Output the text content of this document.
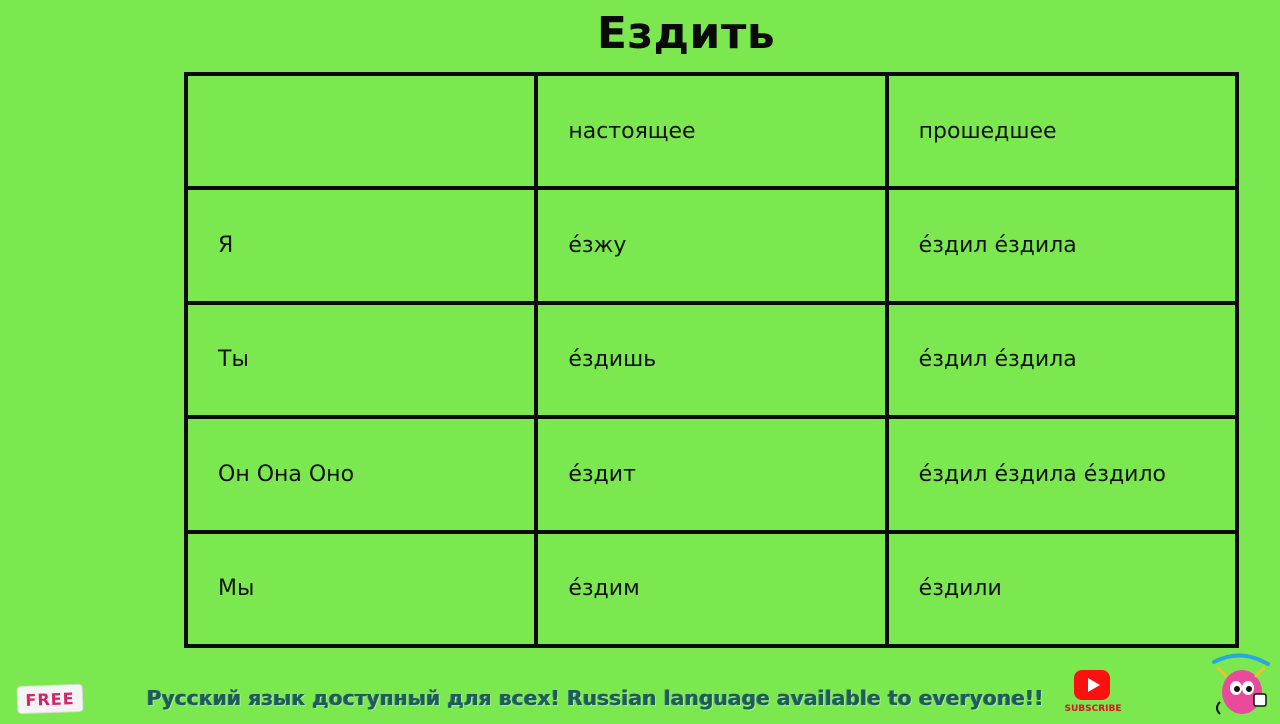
Ездить
	настоящее	прошедшее
Я	е́зжу	е́здил е́здила
Ты	е́здишь	е́здил е́здила
Он Она Оно	е́здит	е́здил е́здила е́здило
Мы	е́здим	е́здили
FREE	Русский язык доступный для всех! Russian language available to everyone!! SUBSCRIBE
